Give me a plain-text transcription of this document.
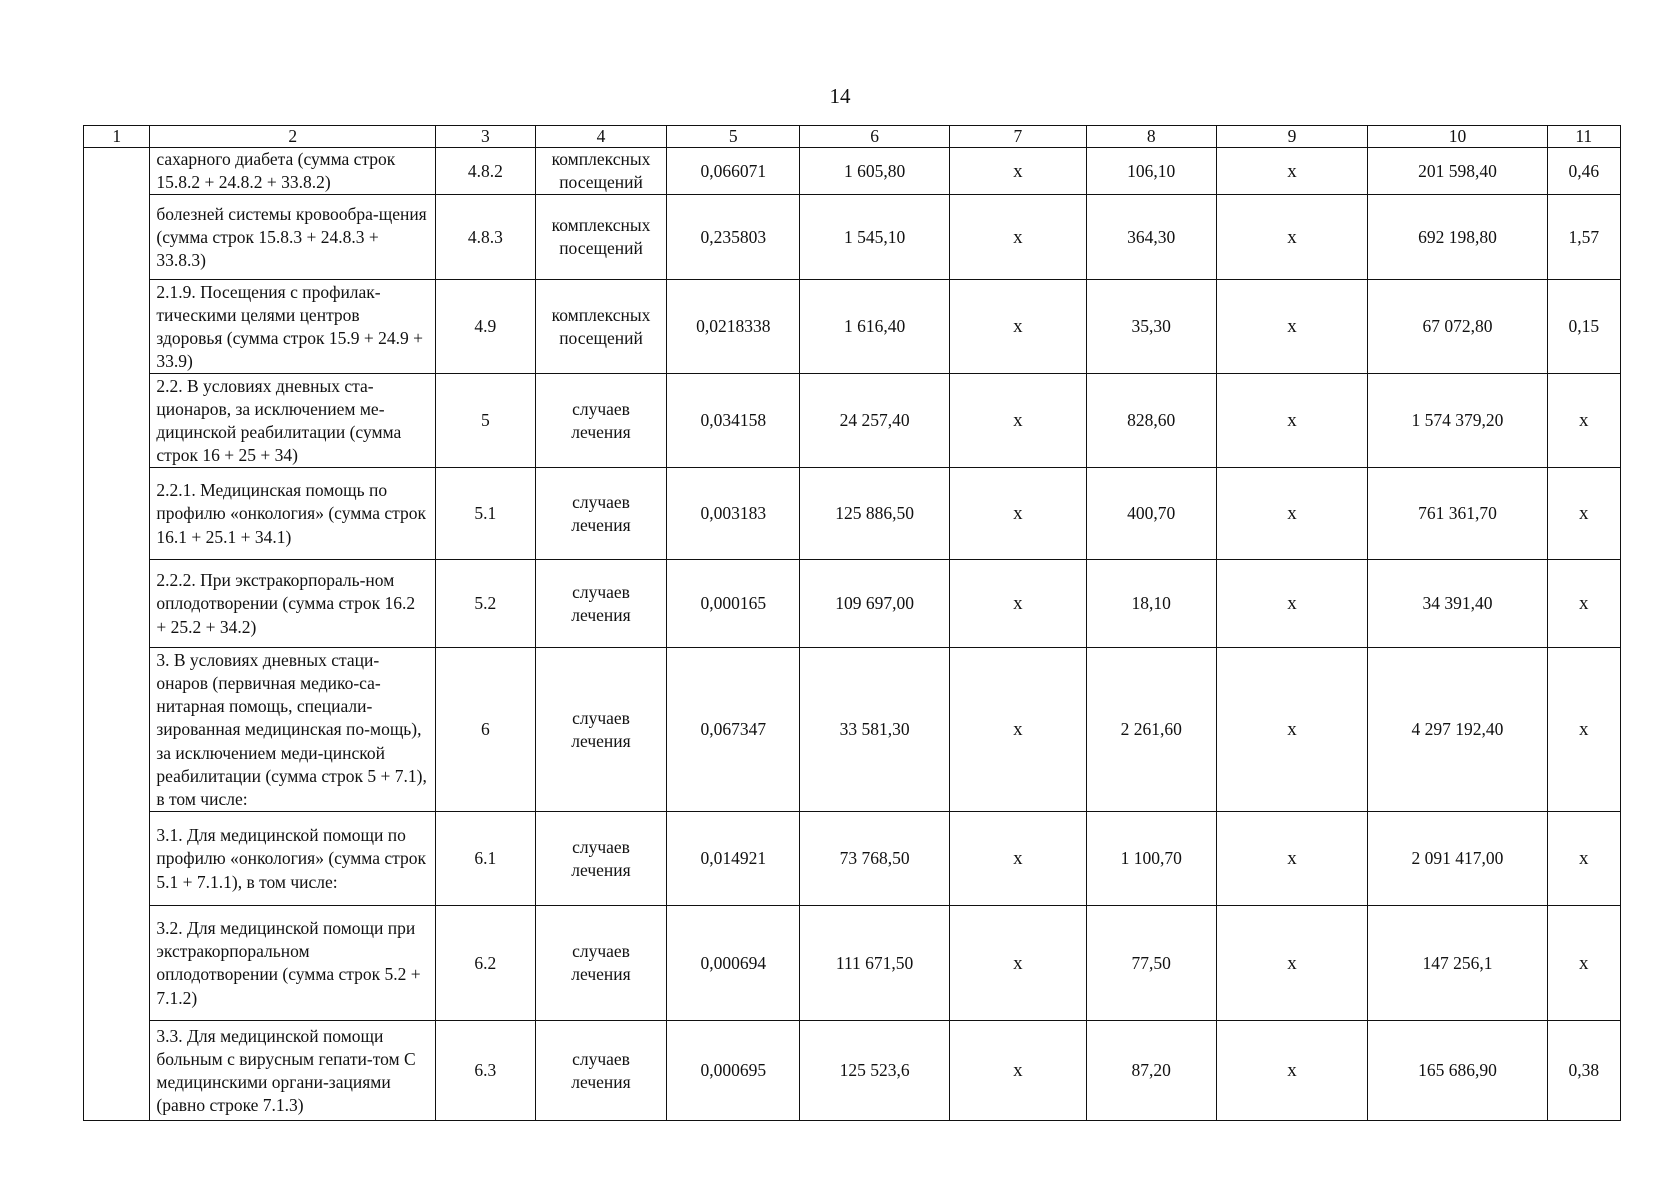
14
1	2	3	4	5	6	7	8	9	10	11
	сахарного диабета (сумма строк 15.8.2 + 24.8.2 + 33.8.2)	4.8.2	комплексных посещений	0,066071	1 605,80	x	106,10	x	201 598,40	0,46
	болезней системы кровообра-щения (сумма строк 15.8.3 + 24.8.3 + 33.8.3)	4.8.3	комплексных посещений	0,235803	1 545,10	x	364,30	x	692 198,80	1,57
	2.1.9. Посещения с профилак-тическими целями центров здоровья (сумма строк 15.9 + 24.9 + 33.9)	4.9	комплексных посещений	0,0218338	1 616,40	x	35,30	x	67 072,80	0,15
	2.2. В условиях дневных ста-ционаров, за исключением ме-дицинской реабилитации (сумма строк 16 + 25 + 34)	5	случаев лечения	0,034158	24 257,40	x	828,60	x	1 574 379,20	x
	2.2.1. Медицинская помощь по профилю «онкология» (сумма строк 16.1 + 25.1 + 34.1)	5.1	случаев лечения	0,003183	125 886,50	x	400,70	x	761 361,70	x
	2.2.2. При экстракорпораль-ном оплодотворении (сумма строк 16.2 + 25.2 + 34.2)	5.2	случаев лечения	0,000165	109 697,00	x	18,10	x	34 391,40	x
	3. В условиях дневных стаци-онаров (первичная медико-са-нитарная помощь, специали-зированная медицинская по-мощь), за исключением меди-цинской реабилитации (сумма строк 5 + 7.1), в том числе:	6	случаев лечения	0,067347	33 581,30	x	2 261,60	x	4 297 192,40	x
	3.1. Для медицинской помощи по профилю «онкология» (сумма строк 5.1 + 7.1.1), в том числе:	6.1	случаев лечения	0,014921	73 768,50	x	1 100,70	x	2 091 417,00	x
	3.2. Для медицинской помощи при экстракорпоральном оплодотворении (сумма строк 5.2 + 7.1.2)	6.2	случаев лечения	0,000694	111 671,50	x	77,50	x	147 256,1	x
	3.3. Для медицинской помощи больным с вирусным гепати-том С медицинскими органи-зациями (равно строке 7.1.3)	6.3	случаев лечения	0,000695	125 523,6	x	87,20	x	165 686,90	0,38
